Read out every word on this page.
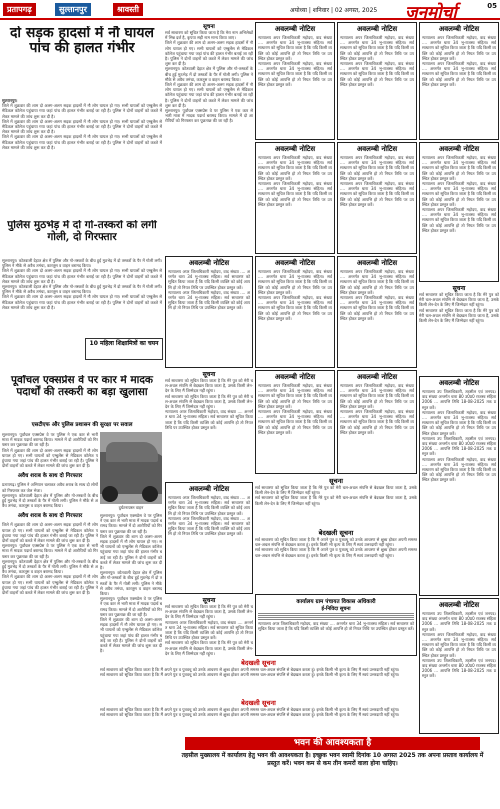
प्रतापगढ़	सुल्तानपुर	श्रावस्ती	अयोध्या | शनिवार | 02 अगस्त, 2025 जनमोर्चा	05
दो सड़क हादसों में नौ घायल पांच की हालत गंभीर
सुल्तानपुर।
जिले में शुक्रवार की शाम दो अलग-अलग सड़क हादसों में नौ लोग घायल हो गए। सभी घायलों को एम्बुलेंस से मेडिकल कॉलेज पहुंचाया गया जहां पांच की हालत गंभीर बताई जा रही है। पुलिस ने दोनों वाहनों को कब्जे में लेकर मामले की जांच शुरू कर दी है।
जिले में शुक्रवार की शाम दो अलग-अलग सड़क हादसों में नौ लोग घायल हो गए। सभी घायलों को एम्बुलेंस से मेडिकल कॉलेज पहुंचाया गया जहां पांच की हालत गंभीर बताई जा रही है। पुलिस ने दोनों वाहनों को कब्जे में लेकर मामले की जांच शुरू कर दी है।
जिले में शुक्रवार की शाम दो अलग-अलग सड़क हादसों में नौ लोग घायल हो गए। सभी घायलों को एम्बुलेंस से मेडिकल कॉलेज पहुंचाया गया जहां पांच की हालत गंभीर बताई जा रही है। पुलिस ने दोनों वाहनों को कब्जे में लेकर मामले की जांच शुरू कर दी है।
पुलिस मुठभेड़ में दो गो-तस्करों को लगी गोली, दो गिरफ्तार
सुल्तानपुर। कोतवाली देहात क्षेत्र में पुलिस और गो-तस्करों के बीच हुई मुठभेड़ में दो तस्करों के पैर में गोली लगी। पुलिस ने मौके से अवैध तमंचा, कारतूस व वाहन बरामद किया।
जिले में शुक्रवार की शाम दो अलग-अलग सड़क हादसों में नौ लोग घायल हो गए। सभी घायलों को एम्बुलेंस से मेडिकल कॉलेज पहुंचाया गया जहां पांच की हालत गंभीर बताई जा रही है। पुलिस ने दोनों वाहनों को कब्जे में लेकर मामले की जांच शुरू कर दी है।
सुल्तानपुर। कोतवाली देहात क्षेत्र में पुलिस और गो-तस्करों के बीच हुई मुठभेड़ में दो तस्करों के पैर में गोली लगी। पुलिस ने मौके से अवैध तमंचा, कारतूस व वाहन बरामद किया।
जिले में शुक्रवार की शाम दो अलग-अलग सड़क हादसों में नौ लोग घायल हो गए। सभी घायलों को एम्बुलेंस से मेडिकल कॉलेज पहुंचाया गया जहां पांच की हालत गंभीर बताई जा रही है। पुलिस ने दोनों वाहनों को कब्जे में लेकर मामले की जांच शुरू कर दी है।
10 महिला शिक्षामित्रों का चयन
पूर्वांचल एक्सप्रेस वे पर कार में मादक पदार्थों की तस्करी का बड़ा खुलासा
एसटीएफ और पुलिस प्रशासन की सुरक्षा पर सवाल
दुर्घटनाग्रस्त वाहन
सुल्तानपुर। पूर्वांचल एक्सप्रेस वे पर पुलिस ने एक कार से भारी मात्रा में मादक पदार्थ बरामद किया। मामले में दो आरोपियों को गिरफ्तार कर पूछताछ की जा रही है।
जिले में शुक्रवार की शाम दो अलग-अलग सड़क हादसों में नौ लोग घायल हो गए। सभी घायलों को एम्बुलेंस से मेडिकल कॉलेज पहुंचाया गया जहां पांच की हालत गंभीर बताई जा रही है। पुलिस ने दोनों वाहनों को कब्जे में लेकर मामले की जांच शुरू कर दी है।
अवैध शराब के साथ दो गिरफ्तार
प्रतापगढ़। पुलिस ने अभियान चलाकर अवैध शराब के साथ दो लोगों को गिरफ्तार कर जेल भेजा।
सुल्तानपुर। कोतवाली देहात क्षेत्र में पुलिस और गो-तस्करों के बीच हुई मुठभेड़ में दो तस्करों के पैर में गोली लगी। पुलिस ने मौके से अवैध तमंचा, कारतूस व वाहन बरामद किया।
अवैध शराब के साथ दो गिरफ्तार
जिले में शुक्रवार की शाम दो अलग-अलग सड़क हादसों में नौ लोग घायल हो गए। सभी घायलों को एम्बुलेंस से मेडिकल कॉलेज पहुंचाया गया जहां पांच की हालत गंभीर बताई जा रही है। पुलिस ने दोनों वाहनों को कब्जे में लेकर मामले की जांच शुरू कर दी है।
सुल्तानपुर। पूर्वांचल एक्सप्रेस वे पर पुलिस ने एक कार से भारी मात्रा में मादक पदार्थ बरामद किया। मामले में दो आरोपियों को गिरफ्तार कर पूछताछ की जा रही है।
सुल्तानपुर। कोतवाली देहात क्षेत्र में पुलिस और गो-तस्करों के बीच हुई मुठभेड़ में दो तस्करों के पैर में गोली लगी। पुलिस ने मौके से अवैध तमंचा, कारतूस व वाहन बरामद किया।
जिले में शुक्रवार की शाम दो अलग-अलग सड़क हादसों में नौ लोग घायल हो गए। सभी घायलों को एम्बुलेंस से मेडिकल कॉलेज पहुंचाया गया जहां पांच की हालत गंभीर बताई जा रही है। पुलिस ने दोनों वाहनों को कब्जे में लेकर मामले की जांच शुरू कर दी है।
सुल्तानपुर। पूर्वांचल एक्सप्रेस वे पर पुलिस ने एक कार से भारी मात्रा में मादक पदार्थ बरामद किया। मामले में दो आरोपियों को गिरफ्तार कर पूछताछ की जा रही है।
जिले में शुक्रवार की शाम दो अलग-अलग सड़क हादसों में नौ लोग घायल हो गए। सभी घायलों को एम्बुलेंस से मेडिकल कॉलेज पहुंचाया गया जहां पांच की हालत गंभीर बताई जा रही है। पुलिस ने दोनों वाहनों को कब्जे में लेकर मामले की जांच शुरू कर दी है।
सुल्तानपुर। कोतवाली देहात क्षेत्र में पुलिस और गो-तस्करों के बीच हुई मुठभेड़ में दो तस्करों के पैर में गोली लगी। पुलिस ने मौके से अवैध तमंचा, कारतूस व वाहन बरामद किया।
सुल्तानपुर। पूर्वांचल एक्सप्रेस वे पर पुलिस ने एक कार से भारी मात्रा में मादक पदार्थ बरामद किया। मामले में दो आरोपियों को गिरफ्तार कर पूछताछ की जा रही है।
जिले में शुक्रवार की शाम दो अलग-अलग सड़क हादसों में नौ लोग घायल हो गए। सभी घायलों को एम्बुलेंस से मेडिकल कॉलेज पहुंचाया गया जहां पांच की हालत गंभीर बताई जा रही है। पुलिस ने दोनों वाहनों को कब्जे में लेकर मामले की जांच शुरू कर दी है।
सूचना
सर्व साधारण को सूचित किया जाता है कि मेरा नाम अभिलेखों में भिन्न दर्ज है, कृपया सही नाम मान्य किया जाए।
जिले में शुक्रवार की शाम दो अलग-अलग सड़क हादसों में नौ लोग घायल हो गए। सभी घायलों को एम्बुलेंस से मेडिकल कॉलेज पहुंचाया गया जहां पांच की हालत गंभीर बताई जा रही है। पुलिस ने दोनों वाहनों को कब्जे में लेकर मामले की जांच शुरू कर दी है।
सुल्तानपुर। कोतवाली देहात क्षेत्र में पुलिस और गो-तस्करों के बीच हुई मुठभेड़ में दो तस्करों के पैर में गोली लगी। पुलिस ने मौके से अवैध तमंचा, कारतूस व वाहन बरामद किया।
जिले में शुक्रवार की शाम दो अलग-अलग सड़क हादसों में नौ लोग घायल हो गए। सभी घायलों को एम्बुलेंस से मेडिकल कॉलेज पहुंचाया गया जहां पांच की हालत गंभीर बताई जा रही है। पुलिस ने दोनों वाहनों को कब्जे में लेकर मामले की जांच शुरू कर दी है।
सुल्तानपुर। पूर्वांचल एक्सप्रेस वे पर पुलिस ने एक कार से भारी मात्रा में मादक पदार्थ बरामद किया। मामले में दो आरोपियों को गिरफ्तार कर पूछताछ की जा रही है।
अवलम्बी नोटिस
न्यायालय अपर जिलाधिकारी महोदय, वाद संख्या .... अन्तर्गत धारा 34 भू-राजस्व संहिता। सर्व साधारण को सूचित किया जाता है कि यदि किसी व्यक्ति को कोई आपत्ति हो तो नियत तिथि पर उपस्थित होकर प्रस्तुत करें।
न्यायालय अपर जिलाधिकारी महोदय, वाद संख्या .... अन्तर्गत धारा 34 भू-राजस्व संहिता। सर्व साधारण को सूचित किया जाता है कि यदि किसी व्यक्ति को कोई आपत्ति हो तो नियत तिथि पर उपस्थित होकर प्रस्तुत करें।
अवलम्बी नोटिस
न्यायालय अपर जिलाधिकारी महोदय, वाद संख्या .... अन्तर्गत धारा 34 भू-राजस्व संहिता। सर्व साधारण को सूचित किया जाता है कि यदि किसी व्यक्ति को कोई आपत्ति हो तो नियत तिथि पर उपस्थित होकर प्रस्तुत करें।
न्यायालय अपर जिलाधिकारी महोदय, वाद संख्या .... अन्तर्गत धारा 34 भू-राजस्व संहिता। सर्व साधारण को सूचित किया जाता है कि यदि किसी व्यक्ति को कोई आपत्ति हो तो नियत तिथि पर उपस्थित होकर प्रस्तुत करें।
अवलम्बी नोटिस
न्यायालय अपर जिलाधिकारी महोदय, वाद संख्या .... अन्तर्गत धारा 34 भू-राजस्व संहिता। सर्व साधारण को सूचित किया जाता है कि यदि किसी व्यक्ति को कोई आपत्ति हो तो नियत तिथि पर उपस्थित होकर प्रस्तुत करें।
न्यायालय अपर जिलाधिकारी महोदय, वाद संख्या .... अन्तर्गत धारा 34 भू-राजस्व संहिता। सर्व साधारण को सूचित किया जाता है कि यदि किसी व्यक्ति को कोई आपत्ति हो तो नियत तिथि पर उपस्थित होकर प्रस्तुत करें।
अवलम्बी नोटिस
न्यायालय अपर जिलाधिकारी महोदय, वाद संख्या .... अन्तर्गत धारा 34 भू-राजस्व संहिता। सर्व साधारण को सूचित किया जाता है कि यदि किसी व्यक्ति को कोई आपत्ति हो तो नियत तिथि पर उपस्थित होकर प्रस्तुत करें।
न्यायालय अपर जिलाधिकारी महोदय, वाद संख्या .... अन्तर्गत धारा 34 भू-राजस्व संहिता। सर्व साधारण को सूचित किया जाता है कि यदि किसी व्यक्ति को कोई आपत्ति हो तो नियत तिथि पर उपस्थित होकर प्रस्तुत करें।
अवलम्बी नोटिस
न्यायालय अपर जिलाधिकारी महोदय, वाद संख्या .... अन्तर्गत धारा 34 भू-राजस्व संहिता। सर्व साधारण को सूचित किया जाता है कि यदि किसी व्यक्ति को कोई आपत्ति हो तो नियत तिथि पर उपस्थित होकर प्रस्तुत करें।
न्यायालय अपर जिलाधिकारी महोदय, वाद संख्या .... अन्तर्गत धारा 34 भू-राजस्व संहिता। सर्व साधारण को सूचित किया जाता है कि यदि किसी व्यक्ति को कोई आपत्ति हो तो नियत तिथि पर उपस्थित होकर प्रस्तुत करें।
अवलम्बी नोटिस
न्यायालय अपर जिलाधिकारी महोदय, वाद संख्या .... अन्तर्गत धारा 34 भू-राजस्व संहिता। सर्व साधारण को सूचित किया जाता है कि यदि किसी व्यक्ति को कोई आपत्ति हो तो नियत तिथि पर उपस्थित होकर प्रस्तुत करें।
न्यायालय अपर जिलाधिकारी महोदय, वाद संख्या .... अन्तर्गत धारा 34 भू-राजस्व संहिता। सर्व साधारण को सूचित किया जाता है कि यदि किसी व्यक्ति को कोई आपत्ति हो तो नियत तिथि पर उपस्थित होकर प्रस्तुत करें।
अवलम्बी नोटिस
न्यायालय अपर जिलाधिकारी महोदय, वाद संख्या .... अन्तर्गत धारा 34 भू-राजस्व संहिता। सर्व साधारण को सूचित किया जाता है कि यदि किसी व्यक्ति को कोई आपत्ति हो तो नियत तिथि पर उपस्थित होकर प्रस्तुत करें।
न्यायालय अपर जिलाधिकारी महोदय, वाद संख्या .... अन्तर्गत धारा 34 भू-राजस्व संहिता। सर्व साधारण को सूचित किया जाता है कि यदि किसी व्यक्ति को कोई आपत्ति हो तो नियत तिथि पर उपस्थित होकर प्रस्तुत करें।
न्यायालय अपर जिलाधिकारी महोदय, वाद संख्या .... अन्तर्गत धारा 34 भू-राजस्व संहिता। सर्व साधारण को सूचित किया जाता है कि यदि किसी व्यक्ति को कोई आपत्ति हो तो नियत तिथि पर उपस्थित होकर प्रस्तुत करें।
अवलम्बी नोटिस
न्यायालय अपर जिलाधिकारी महोदय, वाद संख्या .... अन्तर्गत धारा 34 भू-राजस्व संहिता। सर्व साधारण को सूचित किया जाता है कि यदि किसी व्यक्ति को कोई आपत्ति हो तो नियत तिथि पर उपस्थित होकर प्रस्तुत करें।
न्यायालय अपर जिलाधिकारी महोदय, वाद संख्या .... अन्तर्गत धारा 34 भू-राजस्व संहिता। सर्व साधारण को सूचित किया जाता है कि यदि किसी व्यक्ति को कोई आपत्ति हो तो नियत तिथि पर उपस्थित होकर प्रस्तुत करें।
अवलम्बी नोटिस
न्यायालय अपर जिलाधिकारी महोदय, वाद संख्या .... अन्तर्गत धारा 34 भू-राजस्व संहिता। सर्व साधारण को सूचित किया जाता है कि यदि किसी व्यक्ति को कोई आपत्ति हो तो नियत तिथि पर उपस्थित होकर प्रस्तुत करें।
न्यायालय अपर जिलाधिकारी महोदय, वाद संख्या .... अन्तर्गत धारा 34 भू-राजस्व संहिता। सर्व साधारण को सूचित किया जाता है कि यदि किसी व्यक्ति को कोई आपत्ति हो तो नियत तिथि पर उपस्थित होकर प्रस्तुत करें।
सूचना
सर्व साधारण को सूचित किया जाता है कि मेरे पुत्र को मेरी चल-अचल संपत्ति से बेदखल किया जाता है, उसके किसी लेन-देन के लिए मैं जिम्मेदार नहीं रहूंगा।
सर्व साधारण को सूचित किया जाता है कि मेरे पुत्र को मेरी चल-अचल संपत्ति से बेदखल किया जाता है, उसके किसी लेन-देन के लिए मैं जिम्मेदार नहीं रहूंगा।
न्यायालय अपर जिलाधिकारी महोदय, वाद संख्या .... अन्तर्गत धारा 34 भू-राजस्व संहिता। सर्व साधारण को सूचित किया जाता है कि यदि किसी व्यक्ति को कोई आपत्ति हो तो नियत तिथि पर उपस्थित होकर प्रस्तुत करें।
अवलम्बी नोटिस
न्यायालय अपर जिलाधिकारी महोदय, वाद संख्या .... अन्तर्गत धारा 34 भू-राजस्व संहिता। सर्व साधारण को सूचित किया जाता है कि यदि किसी व्यक्ति को कोई आपत्ति हो तो नियत तिथि पर उपस्थित होकर प्रस्तुत करें।
न्यायालय अपर जिलाधिकारी महोदय, वाद संख्या .... अन्तर्गत धारा 34 भू-राजस्व संहिता। सर्व साधारण को सूचित किया जाता है कि यदि किसी व्यक्ति को कोई आपत्ति हो तो नियत तिथि पर उपस्थित होकर प्रस्तुत करें।
अवलम्बी नोटिस
न्यायालय अपर जिलाधिकारी महोदय, वाद संख्या .... अन्तर्गत धारा 34 भू-राजस्व संहिता। सर्व साधारण को सूचित किया जाता है कि यदि किसी व्यक्ति को कोई आपत्ति हो तो नियत तिथि पर उपस्थित होकर प्रस्तुत करें।
न्यायालय अपर जिलाधिकारी महोदय, वाद संख्या .... अन्तर्गत धारा 34 भू-राजस्व संहिता। सर्व साधारण को सूचित किया जाता है कि यदि किसी व्यक्ति को कोई आपत्ति हो तो नियत तिथि पर उपस्थित होकर प्रस्तुत करें।
अवलम्बी नोटिस
न्यायालय अपर जिलाधिकारी महोदय, वाद संख्या .... अन्तर्गत धारा 34 भू-राजस्व संहिता। सर्व साधारण को सूचित किया जाता है कि यदि किसी व्यक्ति को कोई आपत्ति हो तो नियत तिथि पर उपस्थित होकर प्रस्तुत करें।
न्यायालय अपर जिलाधिकारी महोदय, वाद संख्या .... अन्तर्गत धारा 34 भू-राजस्व संहिता। सर्व साधारण को सूचित किया जाता है कि यदि किसी व्यक्ति को कोई आपत्ति हो तो नियत तिथि पर उपस्थित होकर प्रस्तुत करें।
सूचना
सर्व साधारण को सूचित किया जाता है कि मेरे पुत्र को मेरी चल-अचल संपत्ति से बेदखल किया जाता है, उसके किसी लेन-देन के लिए मैं जिम्मेदार नहीं रहूंगा।
सर्व साधारण को सूचित किया जाता है कि मेरे पुत्र को मेरी चल-अचल संपत्ति से बेदखल किया जाता है, उसके किसी लेन-देन के लिए मैं जिम्मेदार नहीं रहूंगा।
अवलम्बी नोटिस
न्यायालय उप जिलाधिकारी, तहसील एवं जनपद। वाद संख्या अन्तर्गत धारा 80 उ0प्र0 राजस्व संहिता 2006 ... आपत्ति तिथि 18-08-2025 तक प्रस्तुत करें।
न्यायालय अपर जिलाधिकारी महोदय, वाद संख्या .... अन्तर्गत धारा 34 भू-राजस्व संहिता। सर्व साधारण को सूचित किया जाता है कि यदि किसी व्यक्ति को कोई आपत्ति हो तो नियत तिथि पर उपस्थित होकर प्रस्तुत करें।
न्यायालय उप जिलाधिकारी, तहसील एवं जनपद। वाद संख्या अन्तर्गत धारा 80 उ0प्र0 राजस्व संहिता 2006 ... आपत्ति तिथि 18-08-2025 तक प्रस्तुत करें।
न्यायालय अपर जिलाधिकारी महोदय, वाद संख्या .... अन्तर्गत धारा 34 भू-राजस्व संहिता। सर्व साधारण को सूचित किया जाता है कि यदि किसी व्यक्ति को कोई आपत्ति हो तो नियत तिथि पर उपस्थित होकर प्रस्तुत करें।
अवलम्बी नोटिस
न्यायालय उप जिलाधिकारी, तहसील एवं जनपद। वाद संख्या अन्तर्गत धारा 80 उ0प्र0 राजस्व संहिता 2006 ... आपत्ति तिथि 18-08-2025 तक प्रस्तुत करें।
न्यायालय अपर जिलाधिकारी महोदय, वाद संख्या .... अन्तर्गत धारा 34 भू-राजस्व संहिता। सर्व साधारण को सूचित किया जाता है कि यदि किसी व्यक्ति को कोई आपत्ति हो तो नियत तिथि पर उपस्थित होकर प्रस्तुत करें।
न्यायालय उप जिलाधिकारी, तहसील एवं जनपद। वाद संख्या अन्तर्गत धारा 80 उ0प्र0 राजस्व संहिता 2006 ... आपत्ति तिथि 18-08-2025 तक प्रस्तुत करें।
सूचना
सर्व साधारण को सूचित किया जाता है कि मेरे पुत्र को मेरी चल-अचल संपत्ति से बेदखल किया जाता है, उसके किसी लेन-देन के लिए मैं जिम्मेदार नहीं रहूंगा।
सर्व साधारण को सूचित किया जाता है कि मेरे पुत्र को मेरी चल-अचल संपत्ति से बेदखल किया जाता है, उसके किसी लेन-देन के लिए मैं जिम्मेदार नहीं रहूंगा।
बेदखली सूचना
सर्व साधारण को सूचित किया जाता है कि मैं अपने पुत्र व पुत्रवधू को उनके आचरण से क्षुब्ध होकर अपनी समस्त चल-अचल संपत्ति से बेदखल करता हूं। इनके किसी भी कृत्य के लिए मैं स्वयं उत्तरदायी नहीं रहूंगा।
सर्व साधारण को सूचित किया जाता है कि मैं अपने पुत्र व पुत्रवधू को उनके आचरण से क्षुब्ध होकर अपनी समस्त चल-अचल संपत्ति से बेदखल करता हूं। इनके किसी भी कृत्य के लिए मैं स्वयं उत्तरदायी नहीं रहूंगा।
कार्यालय ग्राम पंचायत विकास अधिकारी
ई-निविदा सूचना
न्यायालय अपर जिलाधिकारी महोदय, वाद संख्या .... अन्तर्गत धारा 34 भू-राजस्व संहिता। सर्व साधारण को सूचित किया जाता है कि यदि किसी व्यक्ति को कोई आपत्ति हो तो नियत तिथि पर उपस्थित होकर प्रस्तुत करें।
सूचना
सर्व साधारण को सूचित किया जाता है कि मेरे पुत्र को मेरी चल-अचल संपत्ति से बेदखल किया जाता है, उसके किसी लेन-देन के लिए मैं जिम्मेदार नहीं रहूंगा।
न्यायालय अपर जिलाधिकारी महोदय, वाद संख्या .... अन्तर्गत धारा 34 भू-राजस्व संहिता। सर्व साधारण को सूचित किया जाता है कि यदि किसी व्यक्ति को कोई आपत्ति हो तो नियत तिथि पर उपस्थित होकर प्रस्तुत करें।
सर्व साधारण को सूचित किया जाता है कि मेरे पुत्र को मेरी चल-अचल संपत्ति से बेदखल किया जाता है, उसके किसी लेन-देन के लिए मैं जिम्मेदार नहीं रहूंगा।
बेदखली सूचना
सर्व साधारण को सूचित किया जाता है कि मैं अपने पुत्र व पुत्रवधू को उनके आचरण से क्षुब्ध होकर अपनी समस्त चल-अचल संपत्ति से बेदखल करता हूं। इनके किसी भी कृत्य के लिए मैं स्वयं उत्तरदायी नहीं रहूंगा।
सर्व साधारण को सूचित किया जाता है कि मैं अपने पुत्र व पुत्रवधू को उनके आचरण से क्षुब्ध होकर अपनी समस्त चल-अचल संपत्ति से बेदखल करता हूं। इनके किसी भी कृत्य के लिए मैं स्वयं उत्तरदायी नहीं रहूंगा।
बेदखली सूचना
सर्व साधारण को सूचित किया जाता है कि मैं अपने पुत्र व पुत्रवधू को उनके आचरण से क्षुब्ध होकर अपनी समस्त चल-अचल संपत्ति से बेदखल करता हूं। इनके किसी भी कृत्य के लिए मैं स्वयं उत्तरदायी नहीं रहूंगा।
सर्व साधारण को सूचित किया जाता है कि मैं अपने पुत्र व पुत्रवधू को उनके आचरण से क्षुब्ध होकर अपनी समस्त चल-अचल संपत्ति से बेदखल करता हूं। इनके किसी भी कृत्य के लिए मैं स्वयं उत्तरदायी नहीं रहूंगा।
भवन की आवश्यकता है
तहसील मुख्यालय में कार्यालय हेतु भवन की आवश्यकता है। इच्छुक भवन स्वामी दिनांक 10 अगस्त 2025 तक अपना प्रस्ताव कार्यालय में प्रस्तुत करें। भवन कम से कम तीन कमरों वाला होना चाहिए।
